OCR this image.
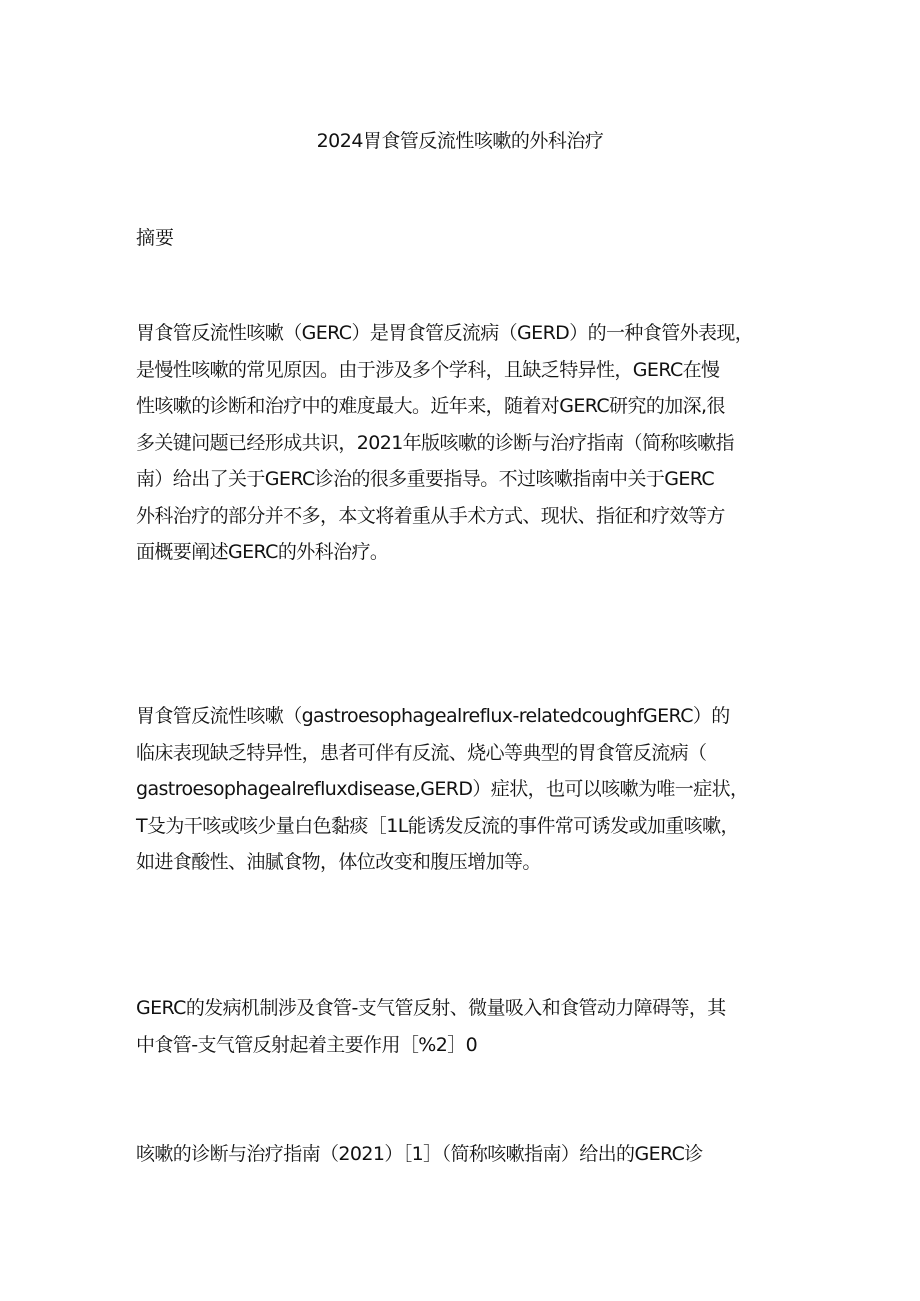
2024胃食管反流性咳嗽的外科治疗
摘要
胃食管反流性咳嗽（GERC）是胃食管反流病（GERD）的一种食管外表现，
是慢性咳嗽的常见原因。由于涉及多个学科，且缺乏特异性，GERC在慢
性咳嗽的诊断和治疗中的难度最大。近年来，随着对GERC研究的加深,很
多关键问题已经形成共识，2021年版咳嗽的诊断与治疗指南（简称咳嗽指
南）给出了关于GERC诊治的很多重要指导。不过咳嗽指南中关于GERC
外科治疗的部分并不多，本文将着重从手术方式、现状、指征和疗效等方
面概要阐述GERC的外科治疗。
胃食管反流性咳嗽（gastroesophagealreflux-relatedcoughfGERC）的
临床表现缺乏特异性，患者可伴有反流、烧心等典型的胃食管反流病（
gastroesophagealrefluxdisease,GERD）症状，也可以咳嗽为唯一症状，
T殳为干咳或咳少量白色黏痰［1L能诱发反流的事件常可诱发或加重咳嗽，
如进食酸性、油腻食物，体位改变和腹压增加等。
GERC的发病机制涉及食管-支气管反射、微量吸入和食管动力障碍等，其
中食管-支气管反射起着主要作用［%2］0
咳嗽的诊断与治疗指南（2021）［1］（简称咳嗽指南）给出的GERC诊
